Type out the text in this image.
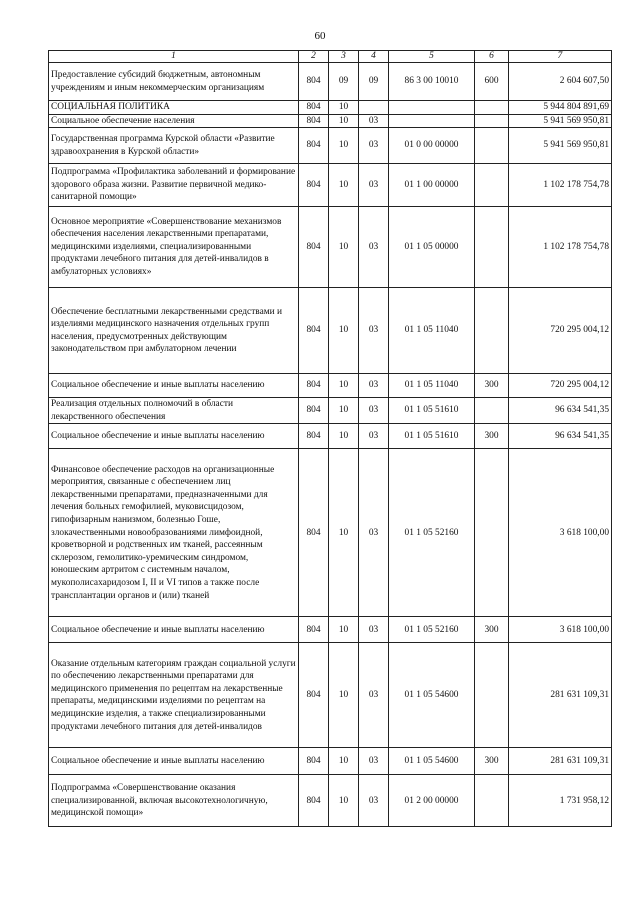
60
1	2	3	4	5	6	7
Предоставление субсидий бюджетным, автономным учреждениям и иным некоммерческим организациям	804	09	09	86 3 00 10010	600	2 604 607,50
СОЦИАЛЬНАЯ ПОЛИТИКА	804	10				5 944 804 891,69
Социальное обеспечение населения	804	10	03			5 941 569 950,81
Государственная программа Курской области «Развитие здравоохранения в Курской области»	804	10	03	01 0 00 00000		5 941 569 950,81
Подпрограмма «Профилактика заболеваний и формирование здорового образа жизни. Развитие первичной медико-санитарной помощи»	804	10	03	01 1 00 00000		1 102 178 754,78
Основное мероприятие «Совершенствование механизмов обеспечения населения лекарственными препаратами, медицинскими изделиями, специализированными продуктами лечебного питания для детей-инвалидов в амбулаторных условиях»	804	10	03	01 1 05 00000		1 102 178 754,78
Обеспечение бесплатными лекарственными средствами и изделиями медицинского назначения отдельных групп населения, предусмотренных действующим законодательством при амбулаторном лечении	804	10	03	01 1 05 11040		720 295 004,12
Социальное обеспечение и иные выплаты населению	804	10	03	01 1 05 11040	300	720 295 004,12
Реализация отдельных полномочий в области лекарственного обеспечения	804	10	03	01 1 05 51610		96 634 541,35
Социальное обеспечение и иные выплаты населению	804	10	03	01 1 05 51610	300	96 634 541,35
Финансовое обеспечение расходов на организационные мероприятия, связанные с обеспечением лиц лекарственными препаратами, предназначенными для лечения больных гемофилией, муковисцидозом, гипофизарным нанизмом, болезнью Гоше, злокачественными новообразованиями лимфоидной, кроветворной и родственных им тканей, рассеянным склерозом, гемолитико-уремическим синдромом, юношеским артритом с системным началом, мукополисахаридозом I, II и VI типов а также после трансплантации органов и (или) тканей	804	10	03	01 1 05 52160		3 618 100,00
Социальное обеспечение и иные выплаты населению	804	10	03	01 1 05 52160	300	3 618 100,00
Оказание отдельным категориям граждан социальной услуги по обеспечению лекарственными препаратами для медицинского применения по рецептам на лекарственные препараты, медицинскими изделиями по рецептам на медицинские изделия, а также специализированными продуктами лечебного питания для детей-инвалидов	804	10	03	01 1 05 54600		281 631 109,31
Социальное обеспечение и иные выплаты населению	804	10	03	01 1 05 54600	300	281 631 109,31
Подпрограмма «Совершенствование оказания специализированной, включая высокотехнологичную, медицинской помощи»	804	10	03	01 2 00 00000		1 731 958,12
